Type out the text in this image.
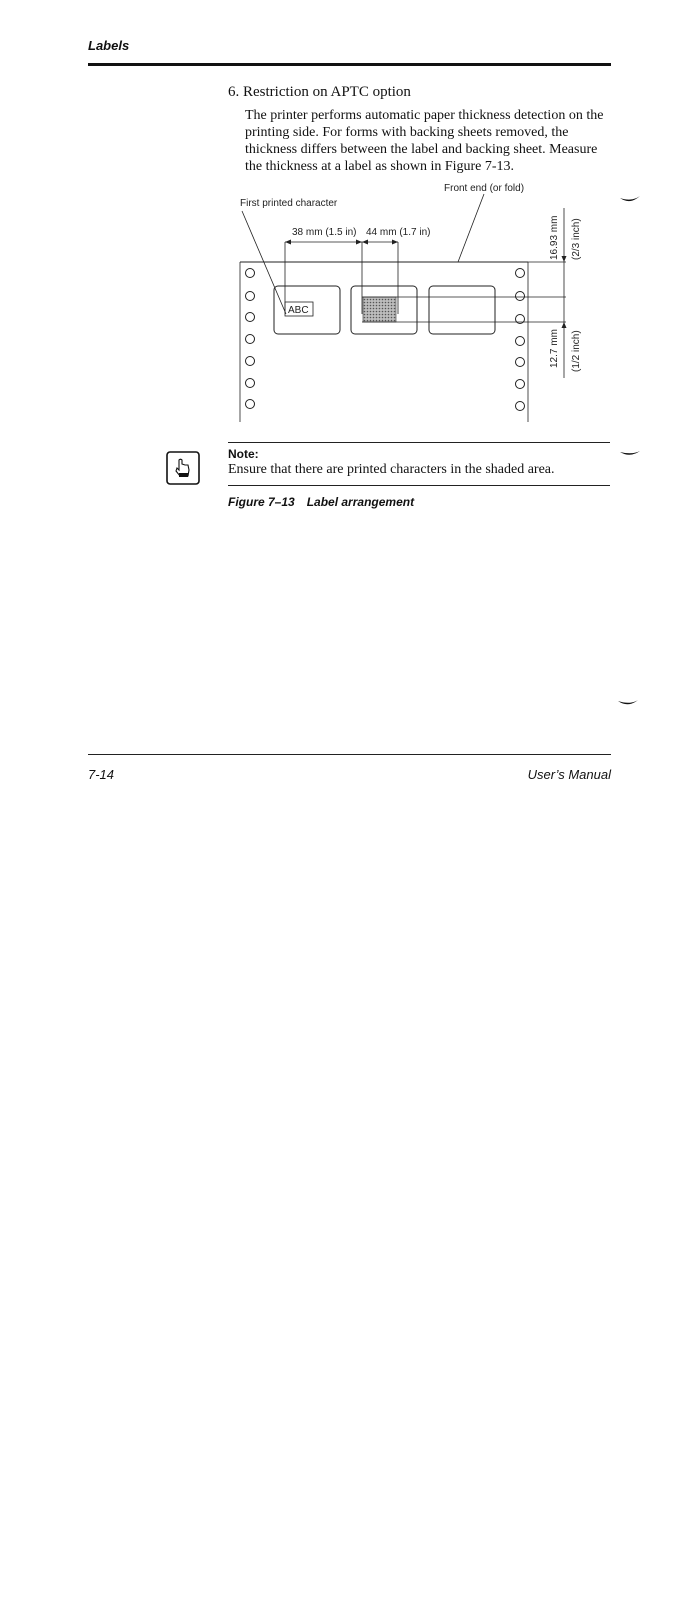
Labels
6. Restriction on APTC option
The printer performs automatic paper thickness detection on the printing side. For forms with backing sheets removed, the thickness differs between the label and backing sheet. Measure the thickness at a label as shown in Figure 7-13.
Front end (or fold)
First printed character
38 mm (1.5 in) 44 mm (1.7 in)
ABC
16.93 mm (2/3 inch)
12.7 mm (1/2 inch)
Note:
Ensure that there are printed characters in the shaded area.
Figure 7–13 Label arrangement
7-14	User’s Manual
